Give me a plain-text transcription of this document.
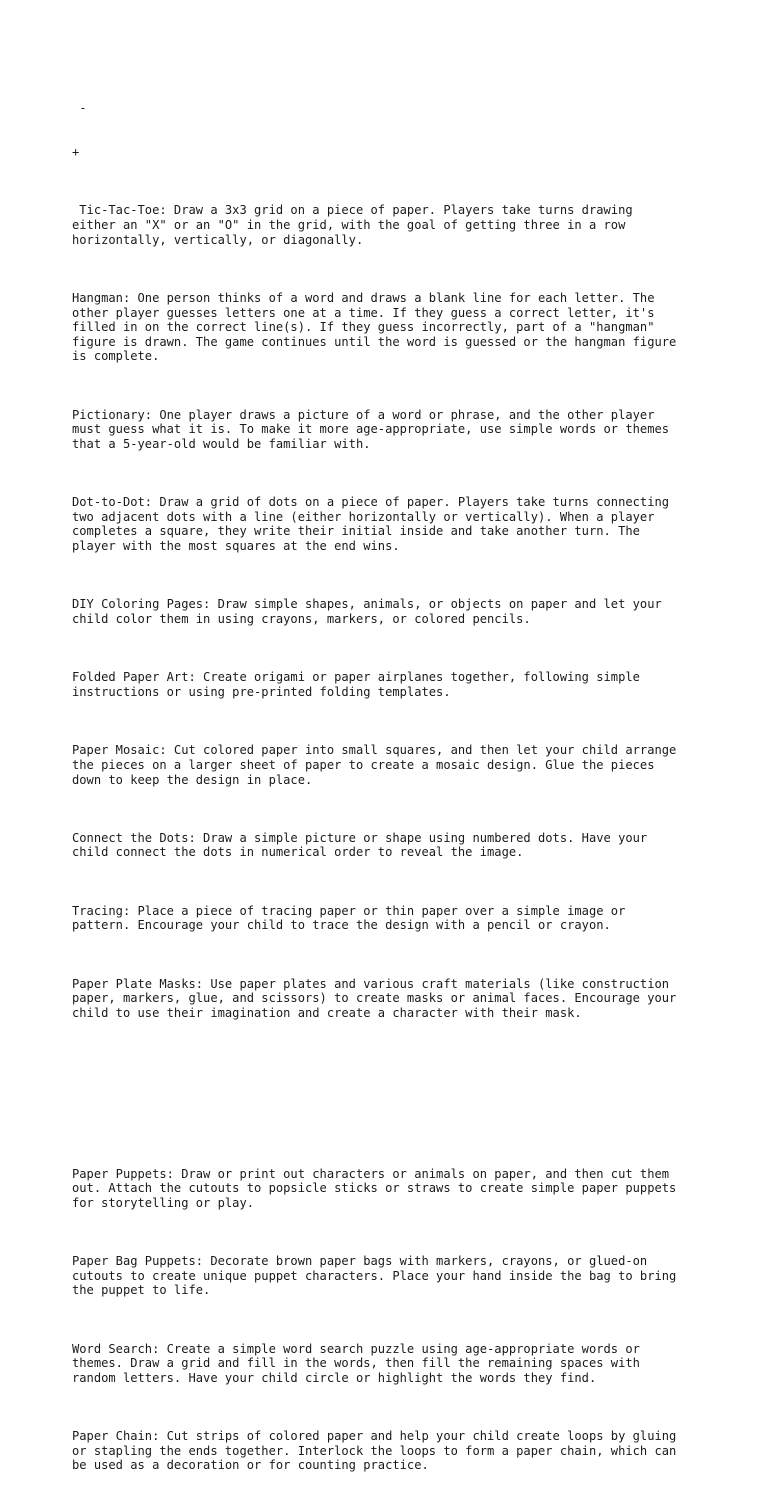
-

+

Tic-Tac-Toe: Draw a 3x3 grid on a piece of paper. Players take turns drawing
either an "X" or an "O" in the grid, with the goal of getting three in a row
horizontally, vertically, or diagonally.

Hangman: One person thinks of a word and draws a blank line for each letter. The
other player guesses letters one at a time. If they guess a correct letter, it's
filled in on the correct line(s). If they guess incorrectly, part of a "hangman"
figure is drawn. The game continues until the word is guessed or the hangman figure
is complete.

Pictionary: One player draws a picture of a word or phrase, and the other player
must guess what it is. To make it more age-appropriate, use simple words or themes
that a 5-year-old would be familiar with.

Dot-to-Dot: Draw a grid of dots on a piece of paper. Players take turns connecting
two adjacent dots with a line (either horizontally or vertically). When a player
completes a square, they write their initial inside and take another turn. The
player with the most squares at the end wins.

DIY Coloring Pages: Draw simple shapes, animals, or objects on paper and let your
child color them in using crayons, markers, or colored pencils.

Folded Paper Art: Create origami or paper airplanes together, following simple
instructions or using pre-printed folding templates.

Paper Mosaic: Cut colored paper into small squares, and then let your child arrange
the pieces on a larger sheet of paper to create a mosaic design. Glue the pieces
down to keep the design in place.

Connect the Dots: Draw a simple picture or shape using numbered dots. Have your
child connect the dots in numerical order to reveal the image.

Tracing: Place a piece of tracing paper or thin paper over a simple image or
pattern. Encourage your child to trace the design with a pencil or crayon.

Paper Plate Masks: Use paper plates and various craft materials (like construction
paper, markers, glue, and scissors) to create masks or animal faces. Encourage your
child to use their imagination and create a character with their mask.

Paper Puppets: Draw or print out characters or animals on paper, and then cut them
out. Attach the cutouts to popsicle sticks or straws to create simple paper puppets
for storytelling or play.

Paper Bag Puppets: Decorate brown paper bags with markers, crayons, or glued-on
cutouts to create unique puppet characters. Place your hand inside the bag to bring
the puppet to life.

Word Search: Create a simple word search puzzle using age-appropriate words or
themes. Draw a grid and fill in the words, then fill the remaining spaces with
random letters. Have your child circle or highlight the words they find.

Paper Chain: Cut strips of colored paper and help your child create loops by gluing
or stapling the ends together. Interlock the loops to form a paper chain, which can
be used as a decoration or for counting practice.
